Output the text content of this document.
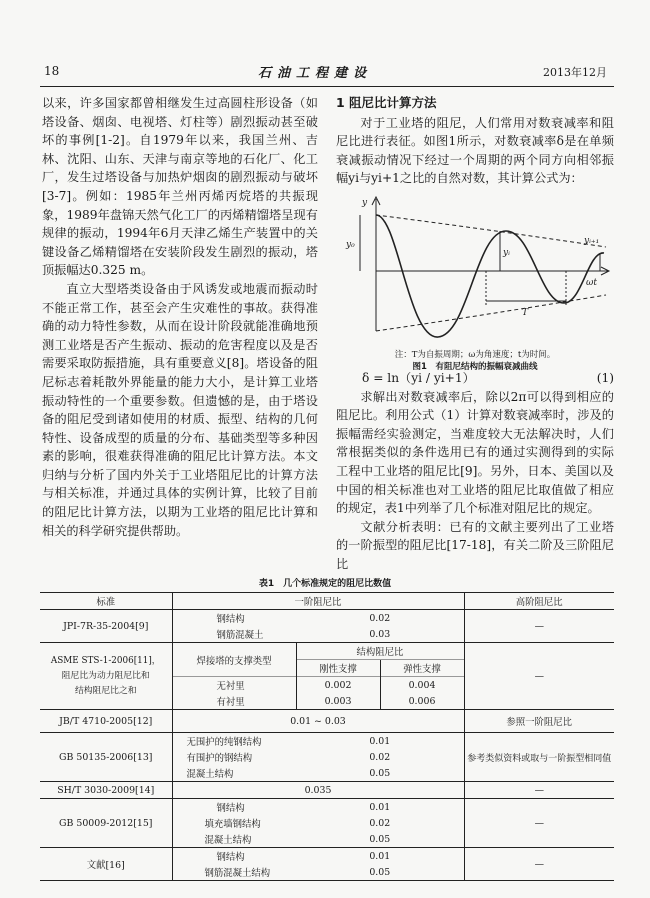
18	石油工程建设	2013年12月

以来，许多国家都曾相继发生过高圆柱形设备（如塔设备、烟囱、电视塔、灯柱等）剧烈振动甚至破坏的事例[1-2]。自1979年以来，我国兰州、吉林、沈阳、山东、天津与南京等地的石化厂、化工厂，发生过塔设备与加热炉烟囱的剧烈振动与破坏[3-7]。例如：1985年兰州丙烯丙烷塔的共振现象，1989年盘锦天然气化工厂的丙烯精馏塔呈现有规律的振动，1994年6月天津乙烯生产装置中的关键设备乙烯精馏塔在安装阶段发生剧烈的振动，塔顶振幅达0.325 m。

直立大型塔类设备由于风诱发或地震而振动时不能正常工作，甚至会产生灾难性的事故。获得准确的动力特性参数，从而在设计阶段就能准确地预测工业塔是否产生振动、振动的危害程度以及是否需要采取防振措施，具有重要意义[8]。塔设备的阻尼标志着耗散外界能量的能力大小，是计算工业塔振动特性的一个重要参数。但遗憾的是，由于塔设备的阻尼受到诸如使用的材质、振型、结构的几何特性、设备成型的质量的分布、基础类型等多种因素的影响，很难获得准确的阻尼比计算方法。本文归纳与分析了国内外关于工业塔阻尼比的计算方法与相关标准，并通过具体的实例计算，比较了目前的阻尼比计算方法，以期为工业塔的阻尼比计算和相关的科学研究提供帮助。

1 阻尼比计算方法

对于工业塔的阻尼，人们常用对数衰减率和阻尼比进行表征。如图1所示，对数衰减率δ是在单频衰减振动情况下经过一个周期的两个同方向相邻振幅yi与yi+1之比的自然对数，其计算公式为：

y
y₀
yᵢ
yᵢ₊₁
T
ωt
注：T为自振周期；ω为角速度；t为时间。
图1　有阻尼结构的振幅衰减曲线
δ = ln（yi / yi+1）	(1)

求解出对数衰减率后，除以2π可以得到相应的阻尼比。利用公式（1）计算对数衰减率时，涉及的振幅需经实验测定，当难度较大无法解决时，人们常根据类似的条件选用已有的通过实测得到的实际工程中工业塔的阻尼比[9]。另外，日本、美国以及中国的相关标准也对工业塔的阻尼比取值做了相应的规定，表1中列举了几个标准对阻尼比的规定。

文献分析表明：已有的文献主要列出了工业塔的一阶振型的阻尼比[17-18]，有关二阶及三阶阻尼比

表1　几个标准规定的阻尼比数值
标准	一阶阻尼比			高阶阻尼比
JPI-7R-35-2004[9]	钢结构	0.02		—
	钢筋混凝土	0.03		
ASME STS-1-2006[11]，
阻尼比为动力阻尼比和
结构阻尼比之和	焊接塔的支撑类型	结构阻尼比		—
		刚性支撑	弹性支撑	
	无衬里	0.002	0.004	
	有衬里	0.003	0.006	
JB/T 4710-2005[12]	0.01 ~ 0.03			参照一阶阻尼比
GB 50135-2006[13]	无围护的纯钢结构	0.01		参考类似资料或取与一阶振型相同值
	有围护的钢结构	0.02		
	混凝土结构	0.05		
SH/T 3030-2009[14]	0.035			—
GB 50009-2012[15]	钢结构	0.01		—
	填充墙钢结构	0.02		
	混凝土结构	0.05		
文献[16]	钢结构	0.01		—
	钢筋混凝土结构	0.05		
